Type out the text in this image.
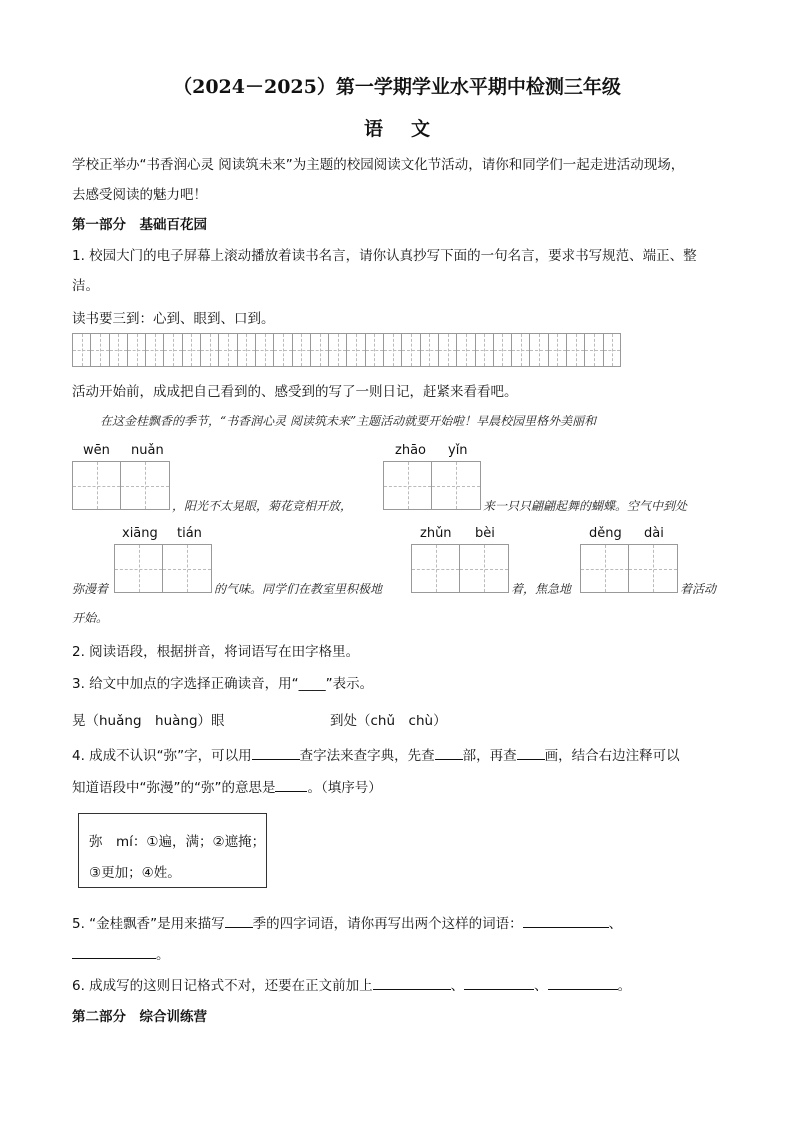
（2024－2025）第一学期学业水平期中检测三年级
语文
学校正举办“书香润心灵 阅读筑未来”为主题的校园阅读文化节活动，请你和同学们一起走进活动现场，
去感受阅读的魅力吧！
第一部分　基础百花园
1. 校园大门的电子屏幕上滚动播放着读书名言，请你认真抄写下面的一句名言，要求书写规范、端正、整
洁。
读书要三到：心到、眼到、口到。
活动开始前，成成把自己看到的、感受到的写了一则日记，赶紧来看看吧。
在这金桂飘香的季节，“书香润心灵 阅读筑未来”主题活动就要开始啦！早晨校园里格外美丽和
wēn nuǎn
，阳光不太晃眼，菊花竞相开放，
zhāo yǐn
来一只只翩翩起舞的蝴蝶。空气中到处
xiāng tián	zhǔn bèi	děng dài
弥漫着	的气味。同学们在教室里积极地	着，焦急地	着活动
开始。
2. 阅读语段，根据拼音，将词语写在田字格里。
3. 给文中加点的字选择正确读音，用“____”表示。
晃（huǎng　huàng）眼	到处（chǔ　chù）
4. 成成不认识“弥”字，可以用	查字法来查字典，先查 部，再查 画，结合右边注释可以
知道语段中“弥漫”的“弥”的意思是 。（填序号）
弥　mí：①遍，满；②遮掩；
③更加；④姓。
5. “金桂飘香”是用来描写 季的四字词语，请你再写出两个这样的词语：	、
。
6. 成成写的这则日记格式不对，还要在正文前加上	、	、	。
第二部分　综合训练营
